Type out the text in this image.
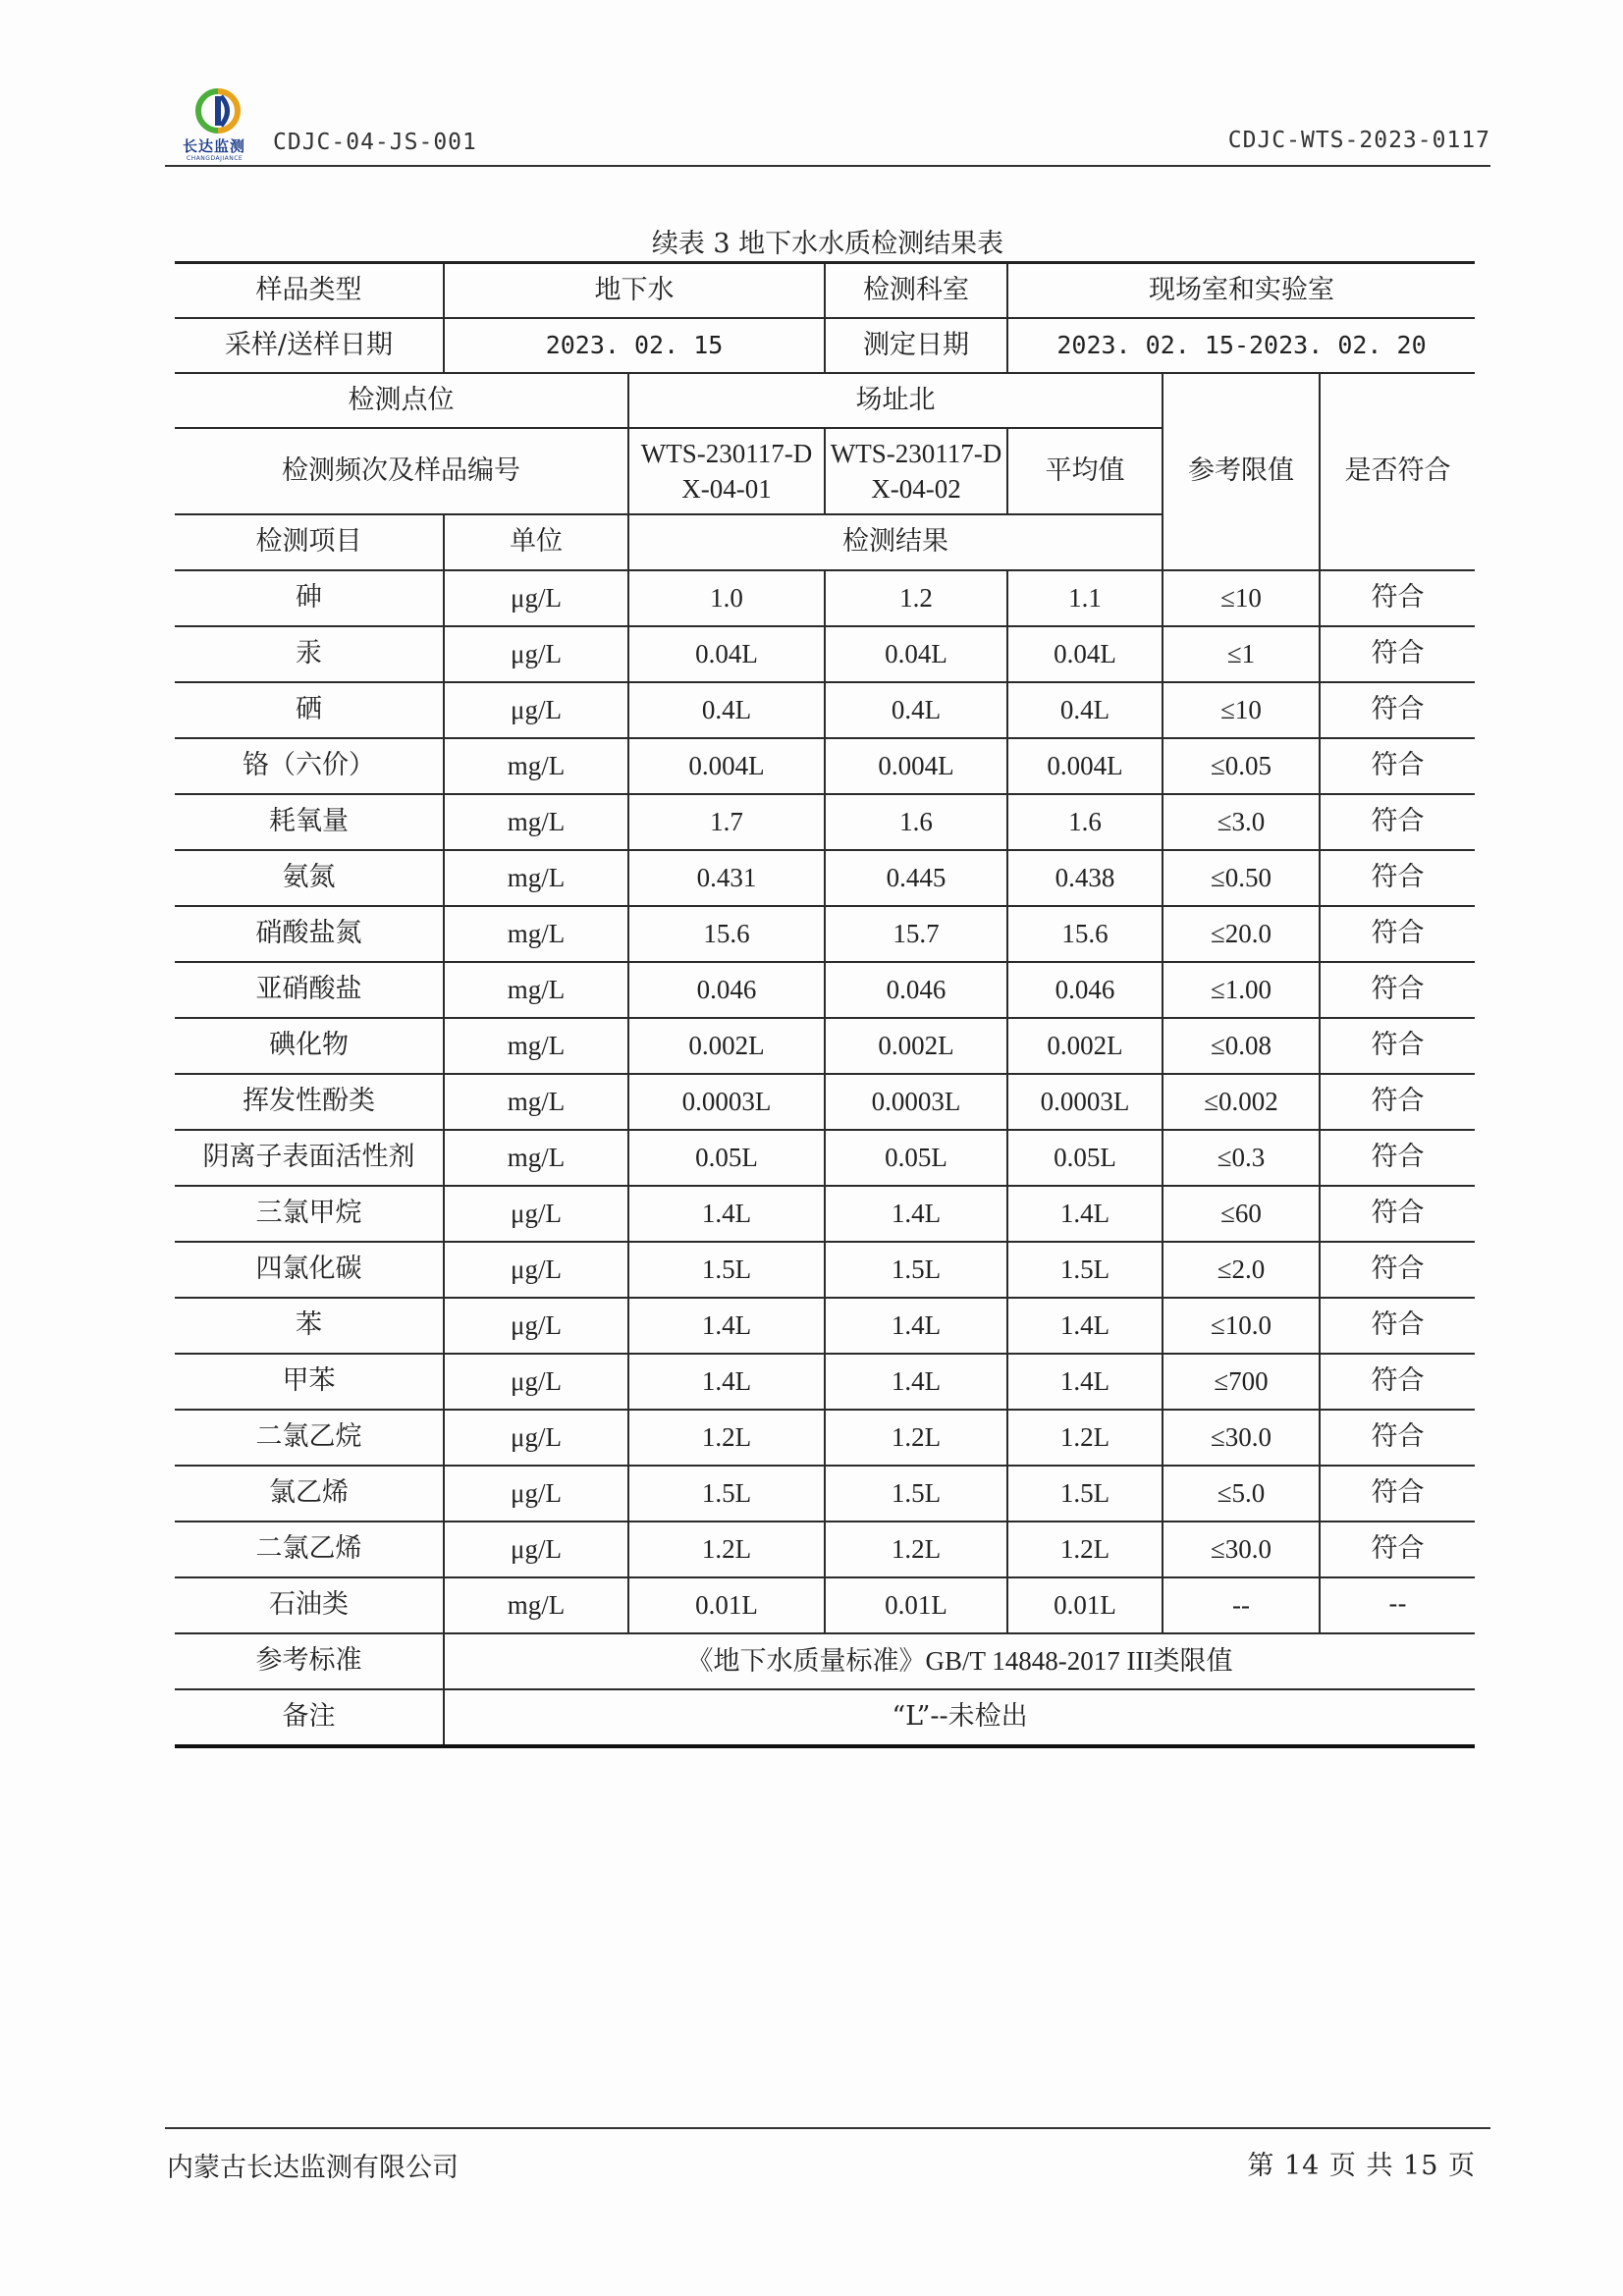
长达监测
CHANGDAJIANCE
CDJC-04-JS-001	CDJC-WTS-2023-0117
续表 3 地下水水质检测结果表
样品类型	地下水		检测科室	现场室和实验室		
采样/送样日期	2023. 02. 15		测定日期	2023. 02. 15-2023. 02. 20		
检测点位		场址北			参考限值	是否符合
检测频次及样品编号		WTS-230117-DX-04-01	WTS-230117-DX-04-02	平均值		
检测项目	单位	检测结果				
砷	μg/L	1.0	1.2	1.1	≤10	符合
汞	μg/L	0.04L	0.04L	0.04L	≤1	符合
硒	μg/L	0.4L	0.4L	0.4L	≤10	符合
铬（六价）	mg/L	0.004L	0.004L	0.004L	≤0.05	符合
耗氧量	mg/L	1.7	1.6	1.6	≤3.0	符合
氨氮	mg/L	0.431	0.445	0.438	≤0.50	符合
硝酸盐氮	mg/L	15.6	15.7	15.6	≤20.0	符合
亚硝酸盐	mg/L	0.046	0.046	0.046	≤1.00	符合
碘化物	mg/L	0.002L	0.002L	0.002L	≤0.08	符合
挥发性酚类	mg/L	0.0003L	0.0003L	0.0003L	≤0.002	符合
阴离子表面活性剂	mg/L	0.05L	0.05L	0.05L	≤0.3	符合
三氯甲烷	μg/L	1.4L	1.4L	1.4L	≤60	符合
四氯化碳	μg/L	1.5L	1.5L	1.5L	≤2.0	符合
苯	μg/L	1.4L	1.4L	1.4L	≤10.0	符合
甲苯	μg/L	1.4L	1.4L	1.4L	≤700	符合
二氯乙烷	μg/L	1.2L	1.2L	1.2L	≤30.0	符合
氯乙烯	μg/L	1.5L	1.5L	1.5L	≤5.0	符合
二氯乙烯	μg/L	1.2L	1.2L	1.2L	≤30.0	符合
石油类	mg/L	0.01L	0.01L	0.01L	--	--
参考标准	《地下水质量标准》GB/T 14848-2017 III类限值					
备注	“L”--未检出					
内蒙古长达监测有限公司	第 14 页 共 15 页
